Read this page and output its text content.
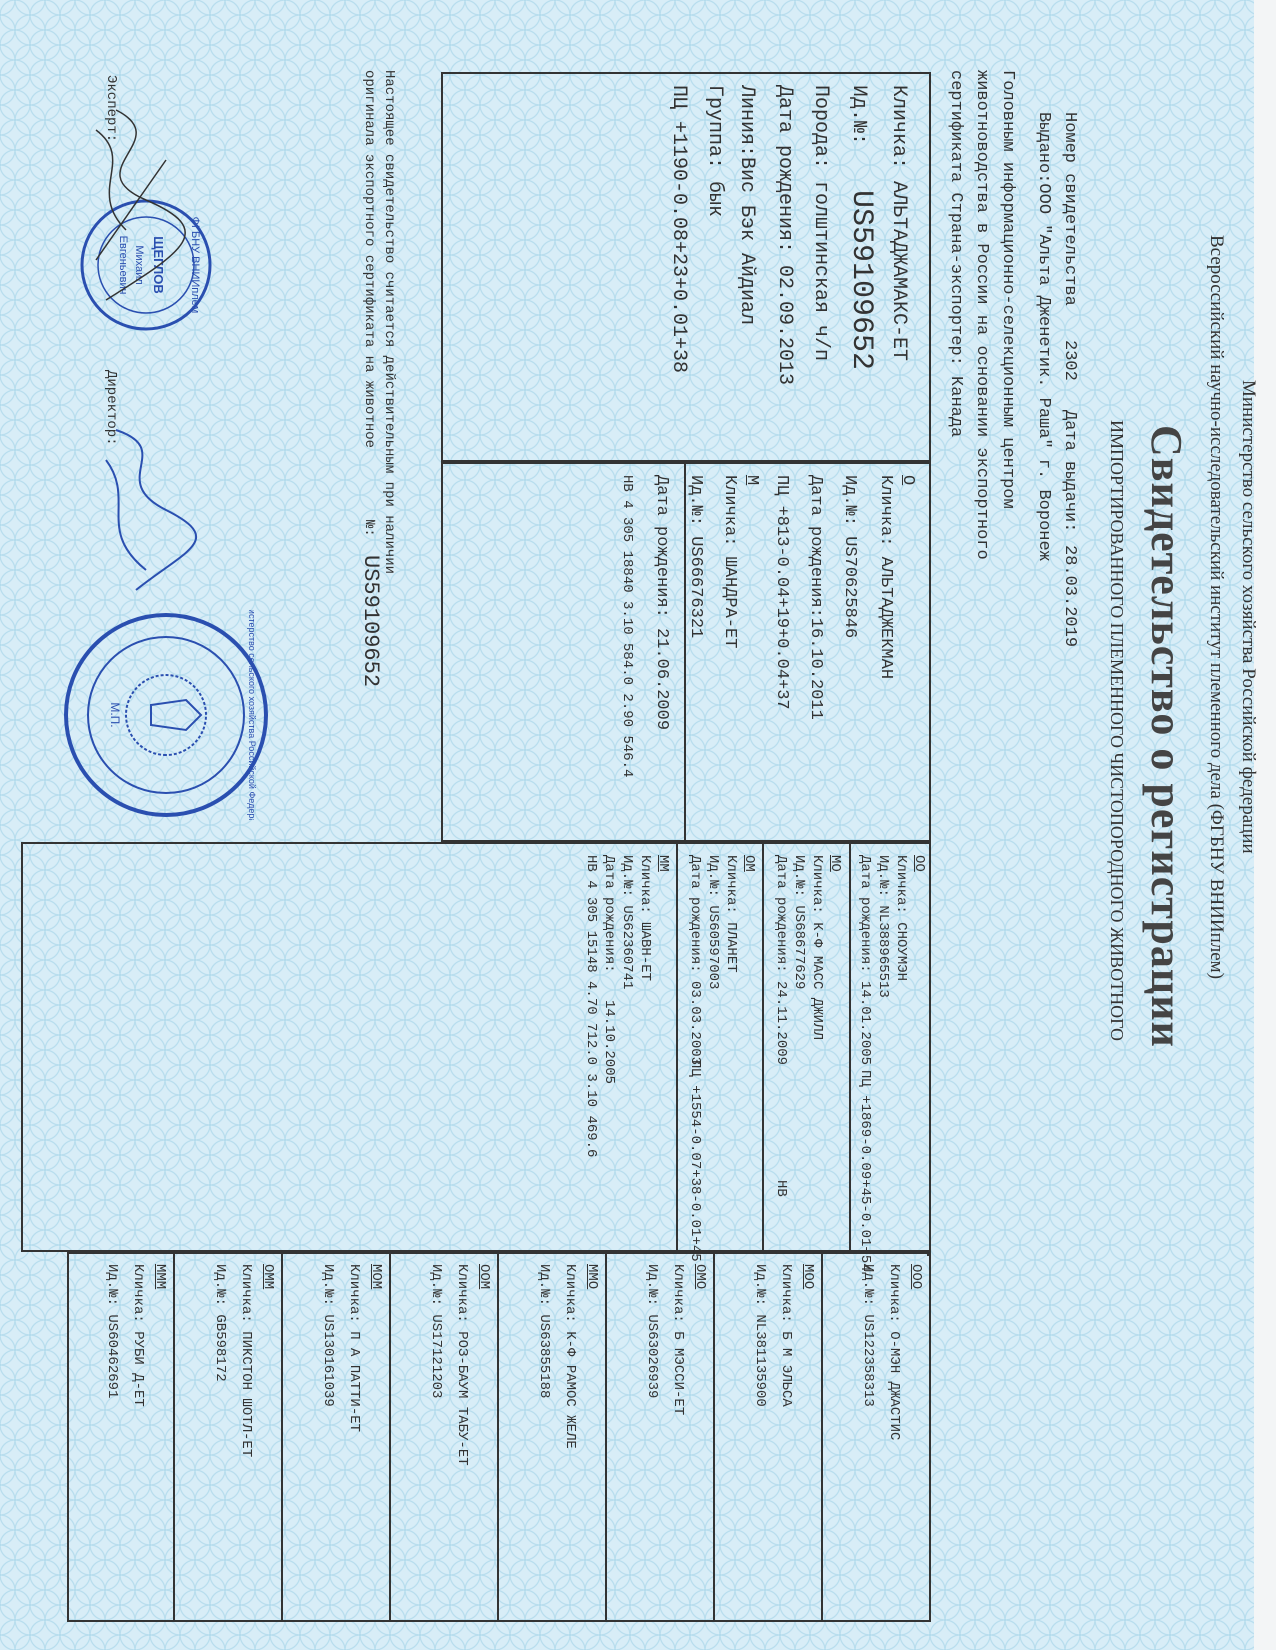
Министерство сельского хозяйства Российской федерации
Всероссийский научно-исследовательский институт племенного дела (ФГБНУ ВНИИплем)
Свидетельство о регистрации
ИМПОРТИРОВАННОГО ПЛЕМЕННОГО ЧИСТОПОРОДНОГО ЖИВОТНОГО
Номер свидетельства
2302
Дата выдачи:
28.03.2019
Выдано:ООО "Альта Дженетик. Раша" г. Воронеж
Головным информационно-селекционным центром
животноводства в России на основании экспортного
сертификата Страна-экспортер: Канада
Кличка: АЛЬТАДЖАМАКС-ЕТ
Ид.№:
US59109652
Порода: голштинская ч/п
Дата рождения: 02.09.2013
Линия:Вис Бэк Айдиал
Группа: бык
ПЦ +1190-0.08+23+0.01+38
О
Кличка: АЛЬТАДЖЕКМАН
Ид.№: US70625846
Дата рождения:16.10.2011
ПЦ +813-0.04+19+0.04+37
М
Кличка: ШАНДРА-ЕТ
Ид.№: US66676321
Дата рождения: 21.06.2009
НВ 4 305 18840 3.10 584.0 2.90 546.4
ОО
Кличка: СНОУМЭН
Ид.№: NL388965513
Дата рождения: 14.01.2005
ПЦ +1869-0.09+45-0.01+54
МО
Кличка: К-Ф МАСС ДЖИЛЛ
Ид.№: US68677629
Дата рождения: 24.11.2009
НВ
ОМ
Кличка: ПЛАНЕТ
Ид.№: US60597003
Дата рождения: 03.03.2003
ПЦ +1554-0.07+38-0.01+45
ММ
Кличка: ШАВН-ЕТ
Ид.№: US62360741
Дата рождения:
14.10.2005
НВ 4 305 15148 4.70 712.0 3.10 469.6
Настоящее свидетельство считается действительным при наличии
оригинала экспортного сертификата на животное
№:
US59109652
Эксперт:
Директор:
ФГБНУ ВНИИплем
ЩЕГЛОВ
Михаил
Евгеньевич
Министерство сельского хозяйства Российской Федерации
М.П.
ООО
Кличка: О-МЭН ДЖАСТИС
Ид.№: US122358313
МОО
Кличка: Б М ЭЛЬСА
Ид.№: NL381135900
ОМО
Кличка: Б МЭССИ-ЕТ
Ид.№: US63026939
ММО
Кличка: К-Ф РАМОС ЖЕЛЕ
Ид.№: US63855188
ООМ
Кличка: РОЗ-БАУМ ТАБУ-ЕТ
Ид.№: US17121203
МОМ
Кличка: П А ПАТТИ-ЕТ
Ид.№: US130161039
ОММ
Кличка: ПИКСТОН ШОТЛ-ЕТ
Ид.№: GB598172
МММ
Кличка: РУБИ Д-ЕТ
Ид.№: US60462691
